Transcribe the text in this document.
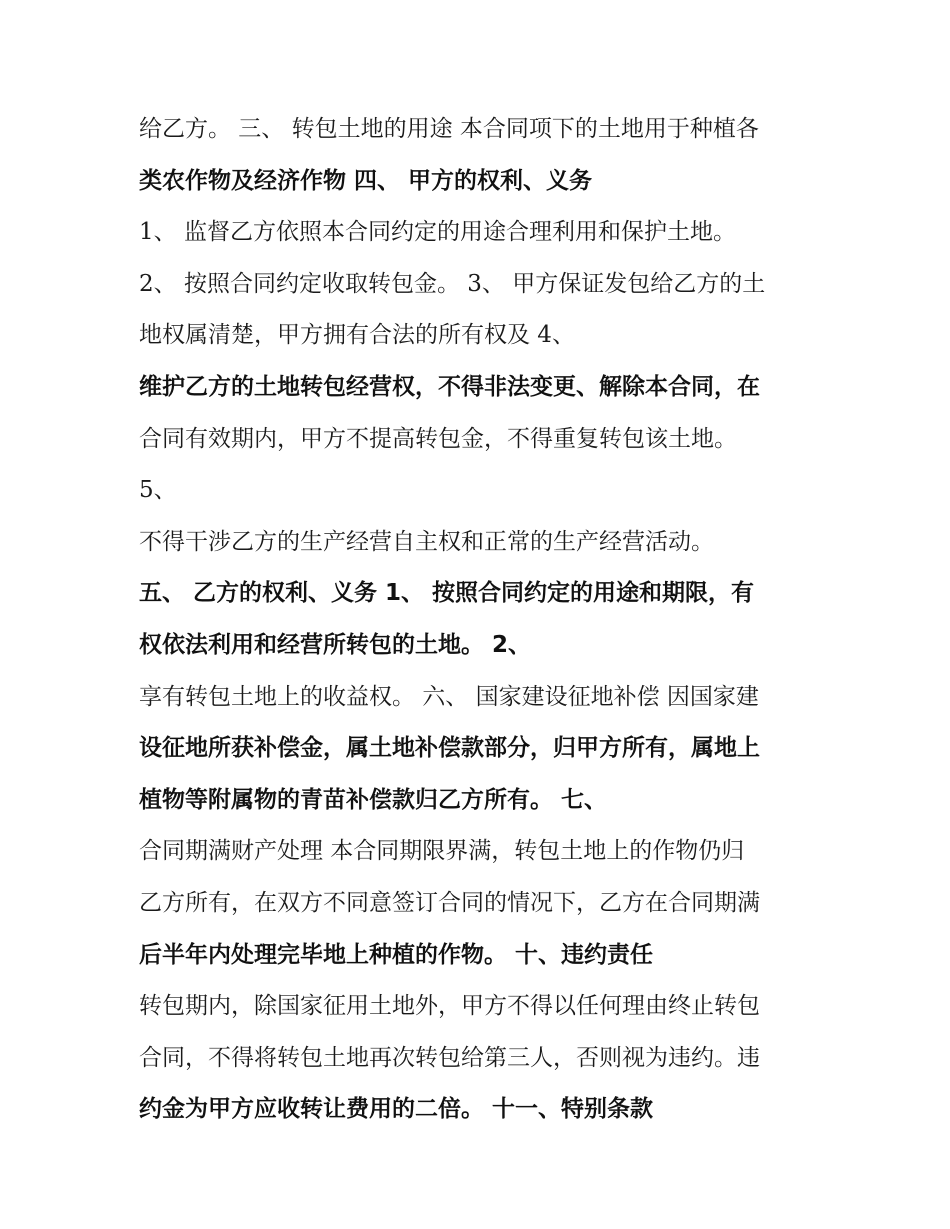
给乙方。 三、 转包土地的用途 本合同项下的土地用于种植各
类农作物及经济作物 四、 甲方的权利、义务
1、 监督乙方依照本合同约定的用途合理利用和保护土地。
2、 按照合同约定收取转包金。 3、 甲方保证发包给乙方的土
地权属清楚，甲方拥有合法的所有权及 4、
维护乙方的土地转包经营权，不得非法变更、解除本合同，在
合同有效期内，甲方不提高转包金，不得重复转包该土地。
5、
不得干涉乙方的生产经营自主权和正常的生产经营活动。
五、 乙方的权利、义务 1、 按照合同约定的用途和期限，有
权依法利用和经营所转包的土地。 2、
享有转包土地上的收益权。 六、 国家建设征地补偿 因国家建
设征地所获补偿金，属土地补偿款部分，归甲方所有，属地上
植物等附属物的青苗补偿款归乙方所有。 七、
合同期满财产处理 本合同期限界满，转包土地上的作物仍归
乙方所有，在双方不同意签订合同的情况下，乙方在合同期满
后半年内处理完毕地上种植的作物。 十、违约责任
转包期内，除国家征用土地外，甲方不得以任何理由终止转包
合同，不得将转包土地再次转包给第三人，否则视为违约。违
约金为甲方应收转让费用的二倍。 十一、特别条款
